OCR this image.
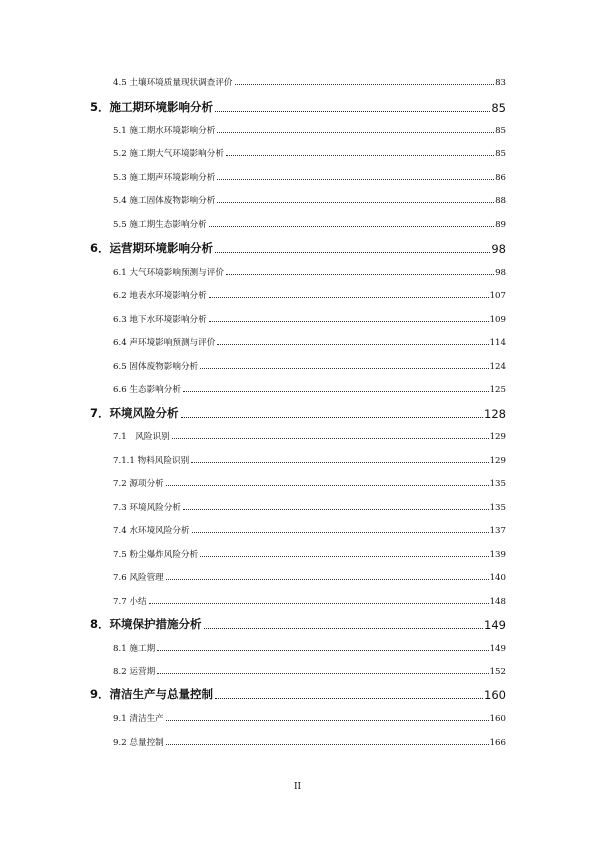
4.5 土壤环境质量现状调查评价	83
5．施工期环境影响分析	85
5.1 施工期水环境影响分析	85
5.2 施工期大气环境影响分析	85
5.3 施工期声环境影响分析	86
5.4 施工固体废物影响分析	88
5.5 施工期生态影响分析	89
6．运营期环境影响分析	98
6.1 大气环境影响预测与评价	98
6.2 地表水环境影响分析	107
6.3 地下水环境影响分析	109
6.4 声环境影响预测与评价	114
6.5 固体废物影响分析	124
6.6 生态影响分析	125
7．环境风险分析	128
7.1　风险识别	129
7.1.1 物料风险识别	129
7.2 源项分析	135
7.3 环境风险分析	135
7.4 水环境风险分析	137
7.5 粉尘爆炸风险分析	139
7.6 风险管理	140
7.7 小结	148
8．环境保护措施分析	149
8.1 施工期	149
8.2 运营期	152
9．清洁生产与总量控制	160
9.1 清洁生产	160
9.2 总量控制	166
II
